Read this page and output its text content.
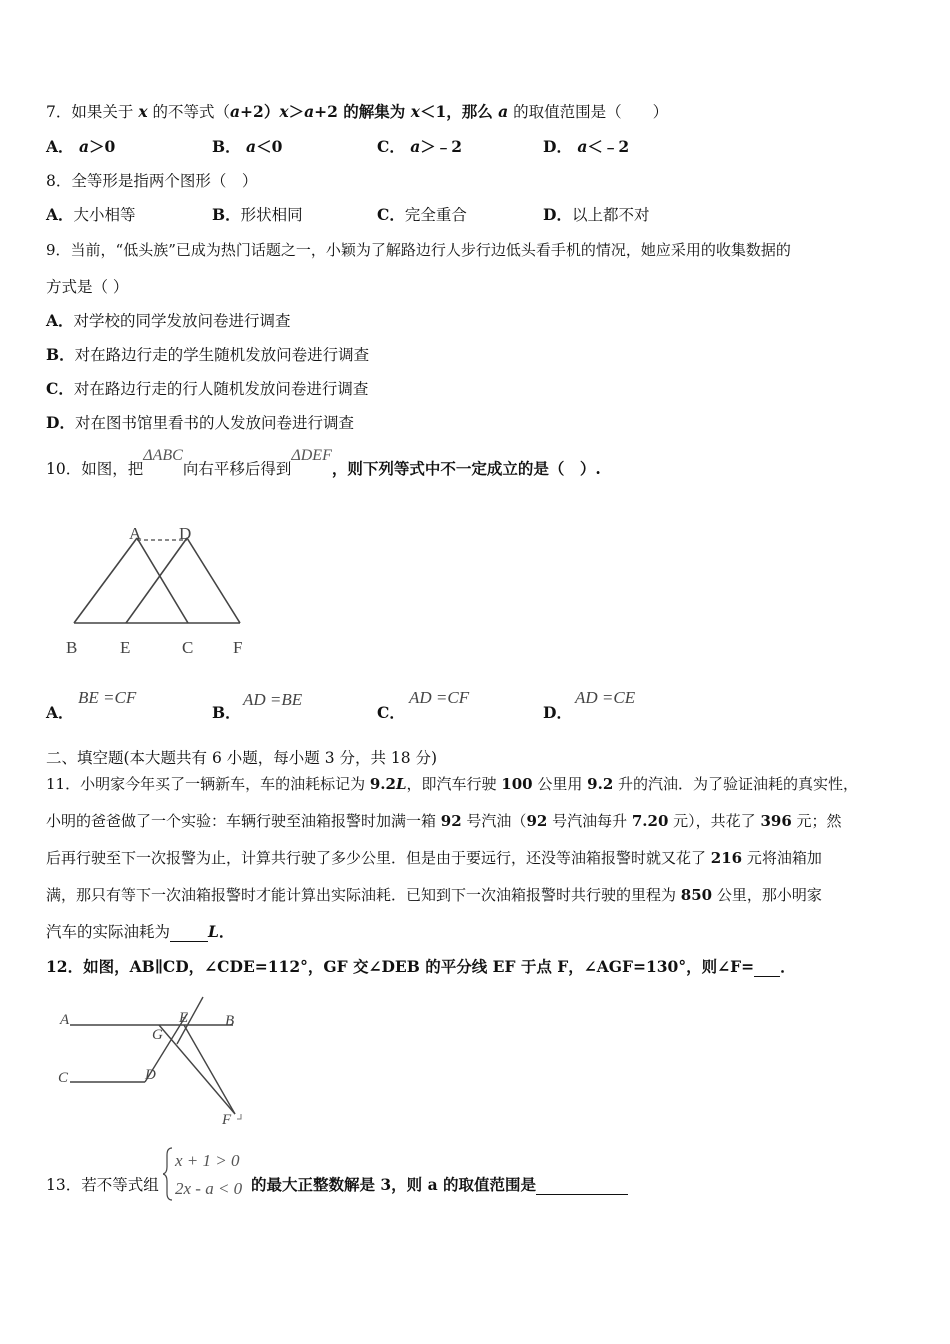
7．如果关于 x 的不等式（a+2）x＞a+2 的解集为 x＜1，那么 a 的取值范围是（　　）
A． a＞0	B． a＜0	C． a＞﹣2	D． a＜﹣2
8．全等形是指两个图形（　）
A．大小相等	B．形状相同	C．完全重合	D．以上都不对
9．当前，“低头族”已成为热门话题之一，小颖为了解路边行人步行边低头看手机的情况，她应采用的收集数据的
方式是（ ）
A．对学校的同学发放问卷进行调查
B．对在路边行走的学生随机发放问卷进行调查
C．对在路边行走的行人随机发放问卷进行调查
D．对在图书馆里看书的人发放问卷进行调查
10．如图，把ΔABC向右平移后得到ΔDEF，则下列等式中不一定成立的是（　）.
A D
B	E	C F
A．
BE =CF
B．
AD =BE
C．
AD =CF
D．
AD =CE
二、填空题(本大题共有 6 小题，每小题 3 分，共 18 分)
11．小明家今年买了一辆新车，车的油耗标记为 9.2L，即汽车行驶 100 公里用 9.2 升的汽油．为了验证油耗的真实性，
小明的爸爸做了一个实验：车辆行驶至油箱报警时加满一箱 92 号汽油（92 号汽油每升 7.20 元），共花了 396 元；然
后再行驶至下一次报警为止，计算共行驶了多少公里．但是由于要远行，还没等油箱报警时就又花了 216 元将油箱加
满，那只有等下一次油箱报警时才能计算出实际油耗．已知到下一次油箱报警时共行驶的里程为 850 公里，那小明家
汽车的实际油耗为 L．
12．如图，AB∥CD，∠CDE=112°，GF 交∠DEB 的平分线 EF 于点 F，∠AGF=130°，则∠F= ．
A
G
E B
C	D
F
13．若不等式组
x + 1 > 0
2x - a < 0 的最大正整数解是 3，则 a 的取值范围是
